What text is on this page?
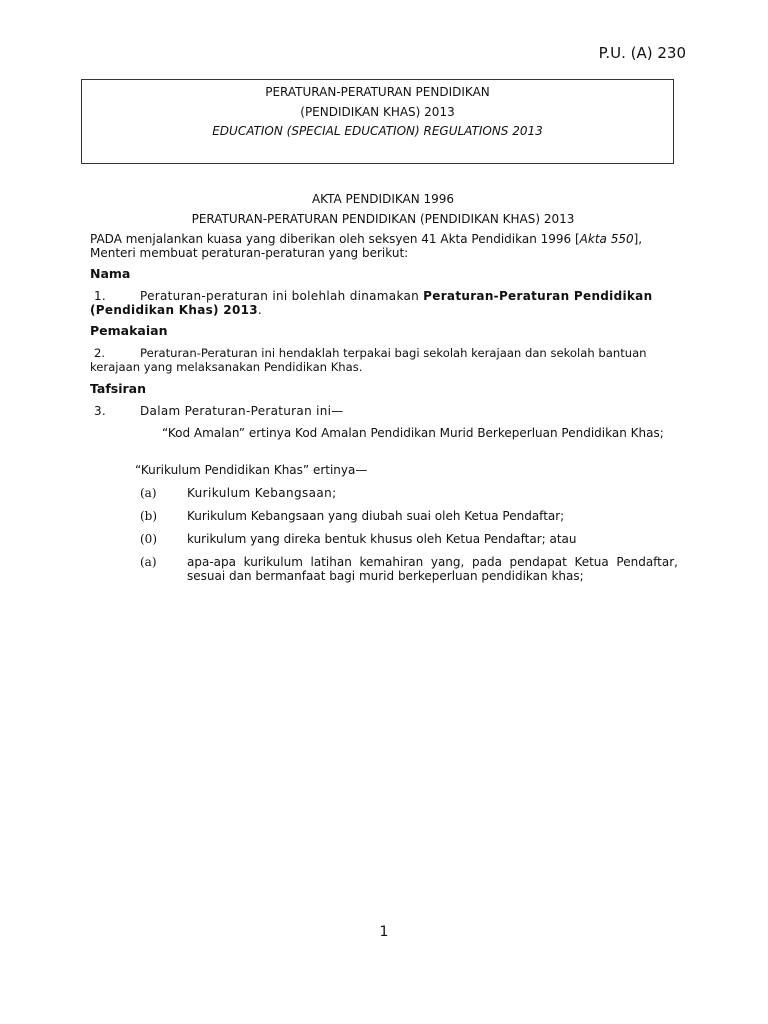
P.U. (A) 230
PERATURAN-PERATURAN PENDIDIKAN
(PENDIDIKAN KHAS) 2013
EDUCATION (SPECIAL EDUCATION) REGULATIONS 2013
AKTA PENDIDIKAN 1996
PERATURAN-PERATURAN PENDIDIKAN (PENDIDIKAN KHAS) 2013
PADA menjalankan kuasa yang diberikan oleh seksyen 41 Akta Pendidikan 1996 [Akta 550], Menteri membuat peraturan-peraturan yang berikut:
Nama
1.	Peraturan-peraturan ini bolehlah dinamakan Peraturan-Peraturan Pendidikan (Pendidikan Khas) 2013.
Pemakaian
2.	Peraturan-Peraturan ini hendaklah terpakai bagi sekolah kerajaan dan sekolah bantuan kerajaan yang melaksanakan Pendidikan Khas.
Tafsiran
3.	Dalam Peraturan-Peraturan ini—
“Kod Amalan” ertinya Kod Amalan Pendidikan Murid Berkeperluan Pendidikan Khas;
“Kurikulum Pendidikan Khas” ertinya—
(a)	Kurikulum Kebangsaan;
(b) Kurikulum Kebangsaan yang diubah suai oleh Ketua Pendaftar;
(0)	kurikulum yang direka bentuk khusus oleh Ketua Pendaftar; atau
(a)	apa-apa kurikulum latihan kemahiran yang, pada pendapat Ketua Pendaftar, sesuai dan bermanfaat bagi murid berkeperluan pendidikan khas;
1
